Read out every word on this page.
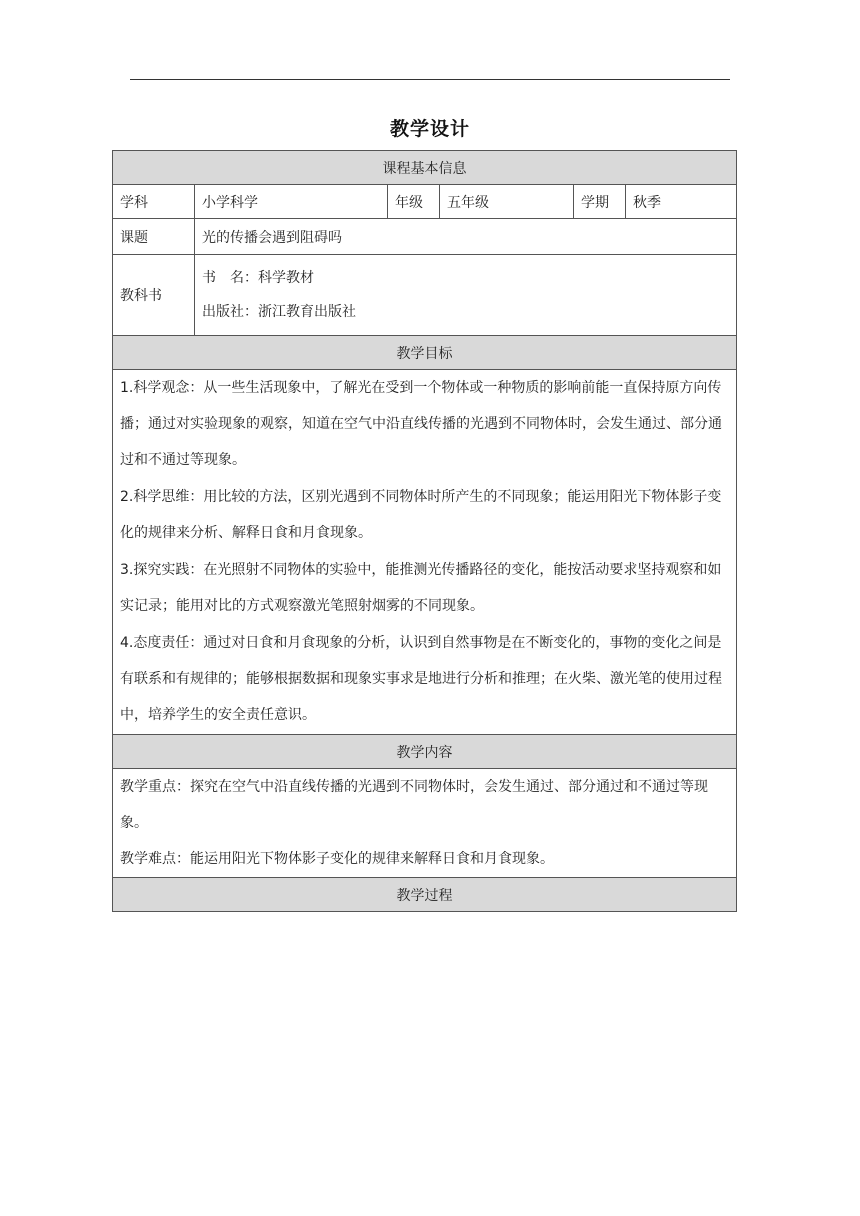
教学设计
课程基本信息					
学科	小学科学	年级	五年级	学期	秋季
课题	光的传播会遇到阻碍吗				
教科书	书　名：科学教材
出版社：浙江教育出版社				

教学目标					

1.科学观念：从一些生活现象中，了解光在受到一个物体或一种物质的影响前能一直保持原方向传播；通过对实验现象的观察，知道在空气中沿直线传播的光遇到不同物体时，会发生通过、部分通过和不通过等现象。

2.科学思维：用比较的方法，区别光遇到不同物体时所产生的不同现象；能运用阳光下物体影子变化的规律来分析、解释日食和月食现象。

3.探究实践：在光照射不同物体的实验中，能推测光传播路径的变化，能按活动要求坚持观察和如实记录；能用对比的方式观察激光笔照射烟雾的不同现象。

4.态度责任：通过对日食和月食现象的分析，认识到自然事物是在不断变化的，事物的变化之间是有联系和有规律的；能够根据数据和现象实事求是地进行分析和推理；在火柴、激光笔的使用过程中，培养学生的安全责任意识。					

教学内容					

教学重点：探究在空气中沿直线传播的光遇到不同物体时，会发生通过、部分通过和不通过等现象。

教学难点：能运用阳光下物体影子变化的规律来解释日食和月食现象。					

教学过程					
